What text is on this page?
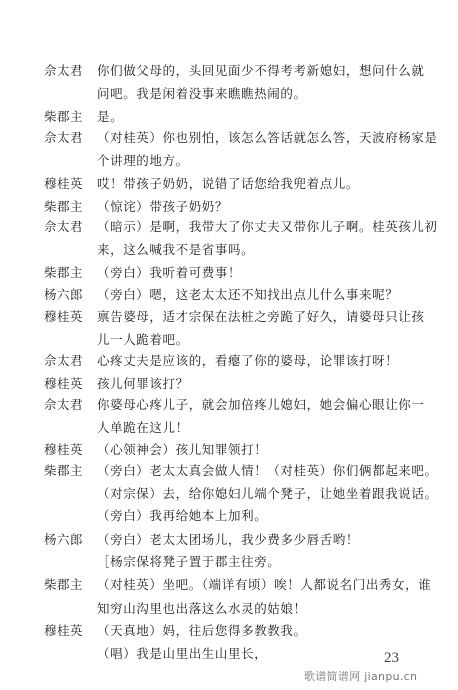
佘太君 你们做父母的，头回见面少不得考考新媳妇，想问什么就
问吧。我是闲着没事来瞧瞧热闹的。
柴郡主 是。
佘太君 （对桂英）你也别怕，该怎么答话就怎么答，天波府杨家是
个讲理的地方。
穆桂英 哎！带孩子奶奶，说错了话您给我兜着点儿。
柴郡主 （惊诧）带孩子奶奶？
佘太君 （暗示）是啊，我带大了你丈夫又带你儿子啊。桂英孩儿初
来，这么喊我不是省事吗。
柴郡主 （旁白）我听着可费事！
杨六郎 （旁白）嗯，这老太太还不知找出点儿什么事来呢？
穆桂英 禀告婆母，适才宗保在法桩之旁跪了好久，请婆母只让孩
儿一人跪着吧。
佘太君 心疼丈夫是应该的，看瘪了你的婆母，论罪该打呀！
穆桂英 孩儿何罪该打？
佘太君 你婆母心疼儿子，就会加倍疼儿媳妇，她会偏心眼让你一
人单跪在这儿！
穆桂英 （心领神会）孩儿知罪领打！
柴郡主 （旁白）老太太真会做人情！（对桂英）你们俩都起来吧。
（对宗保）去，给你媳妇儿端个凳子，让她坐着跟我说话。
（旁白）我再给她本上加利。
杨六郎 （旁白）老太太团场儿，我少费多少唇舌哟！
［杨宗保将凳子置于郡主往旁。
柴郡主 （对桂英）坐吧。（端详有顷）唉！人都说名门出秀女，谁
知穷山沟里也出落这么水灵的姑娘！
穆桂英 （天真地）妈，往后您得多教教我。
（唱）我是山里出生山里长，	23
歌谱简谱网 jianpu.cn
